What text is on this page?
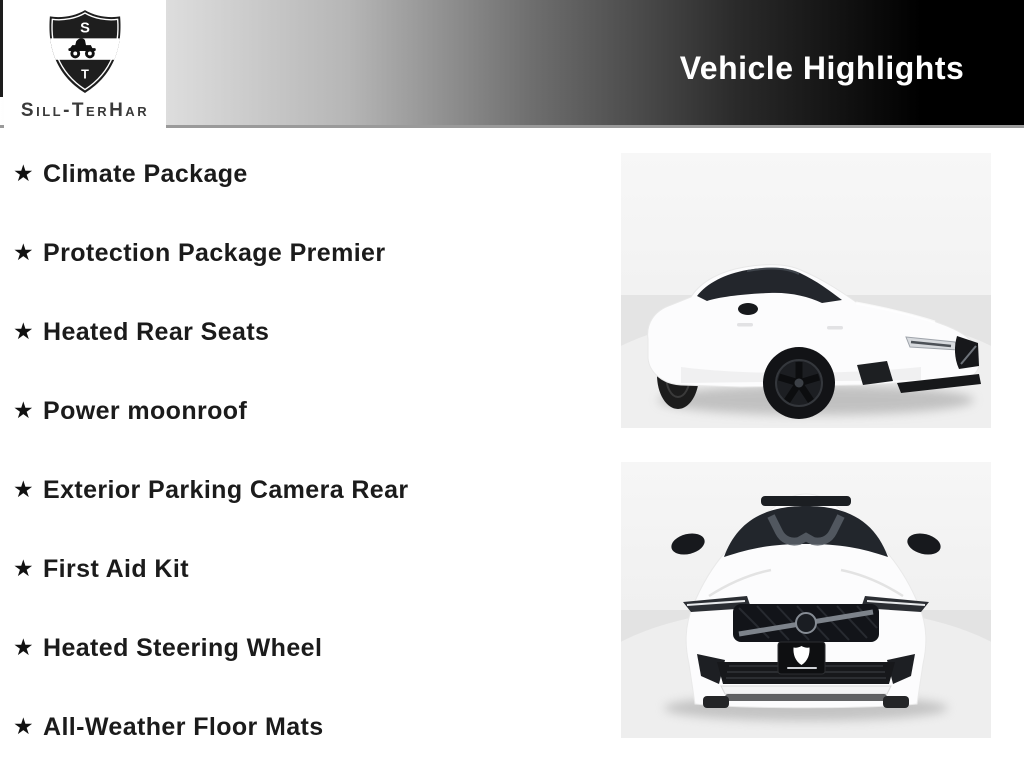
Vehicle Highlights
S
T
Sill-TerHar
★ Climate Package
★ Protection Package Premier
★ Heated Rear Seats
★ Power moonroof
★ Exterior Parking Camera Rear
★ First Aid Kit
★ Heated Steering Wheel
★ All-Weather Floor Mats
